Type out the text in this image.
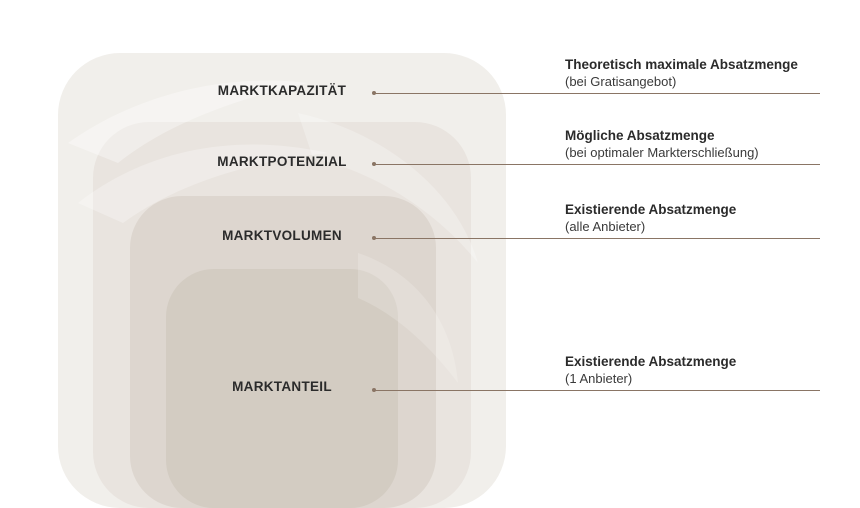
MARKTKAPAZITÄT
MARKTPOTENZIAL
MARKTVOLUMEN
MARKTANTEIL
Theoretisch maximale Absatzmenge
(bei Gratisangebot)
Mögliche Absatzmenge
(bei optimaler Markterschließung)
Existierende Absatzmenge
(alle Anbieter)
Existierende Absatzmenge
(1 Anbieter)
